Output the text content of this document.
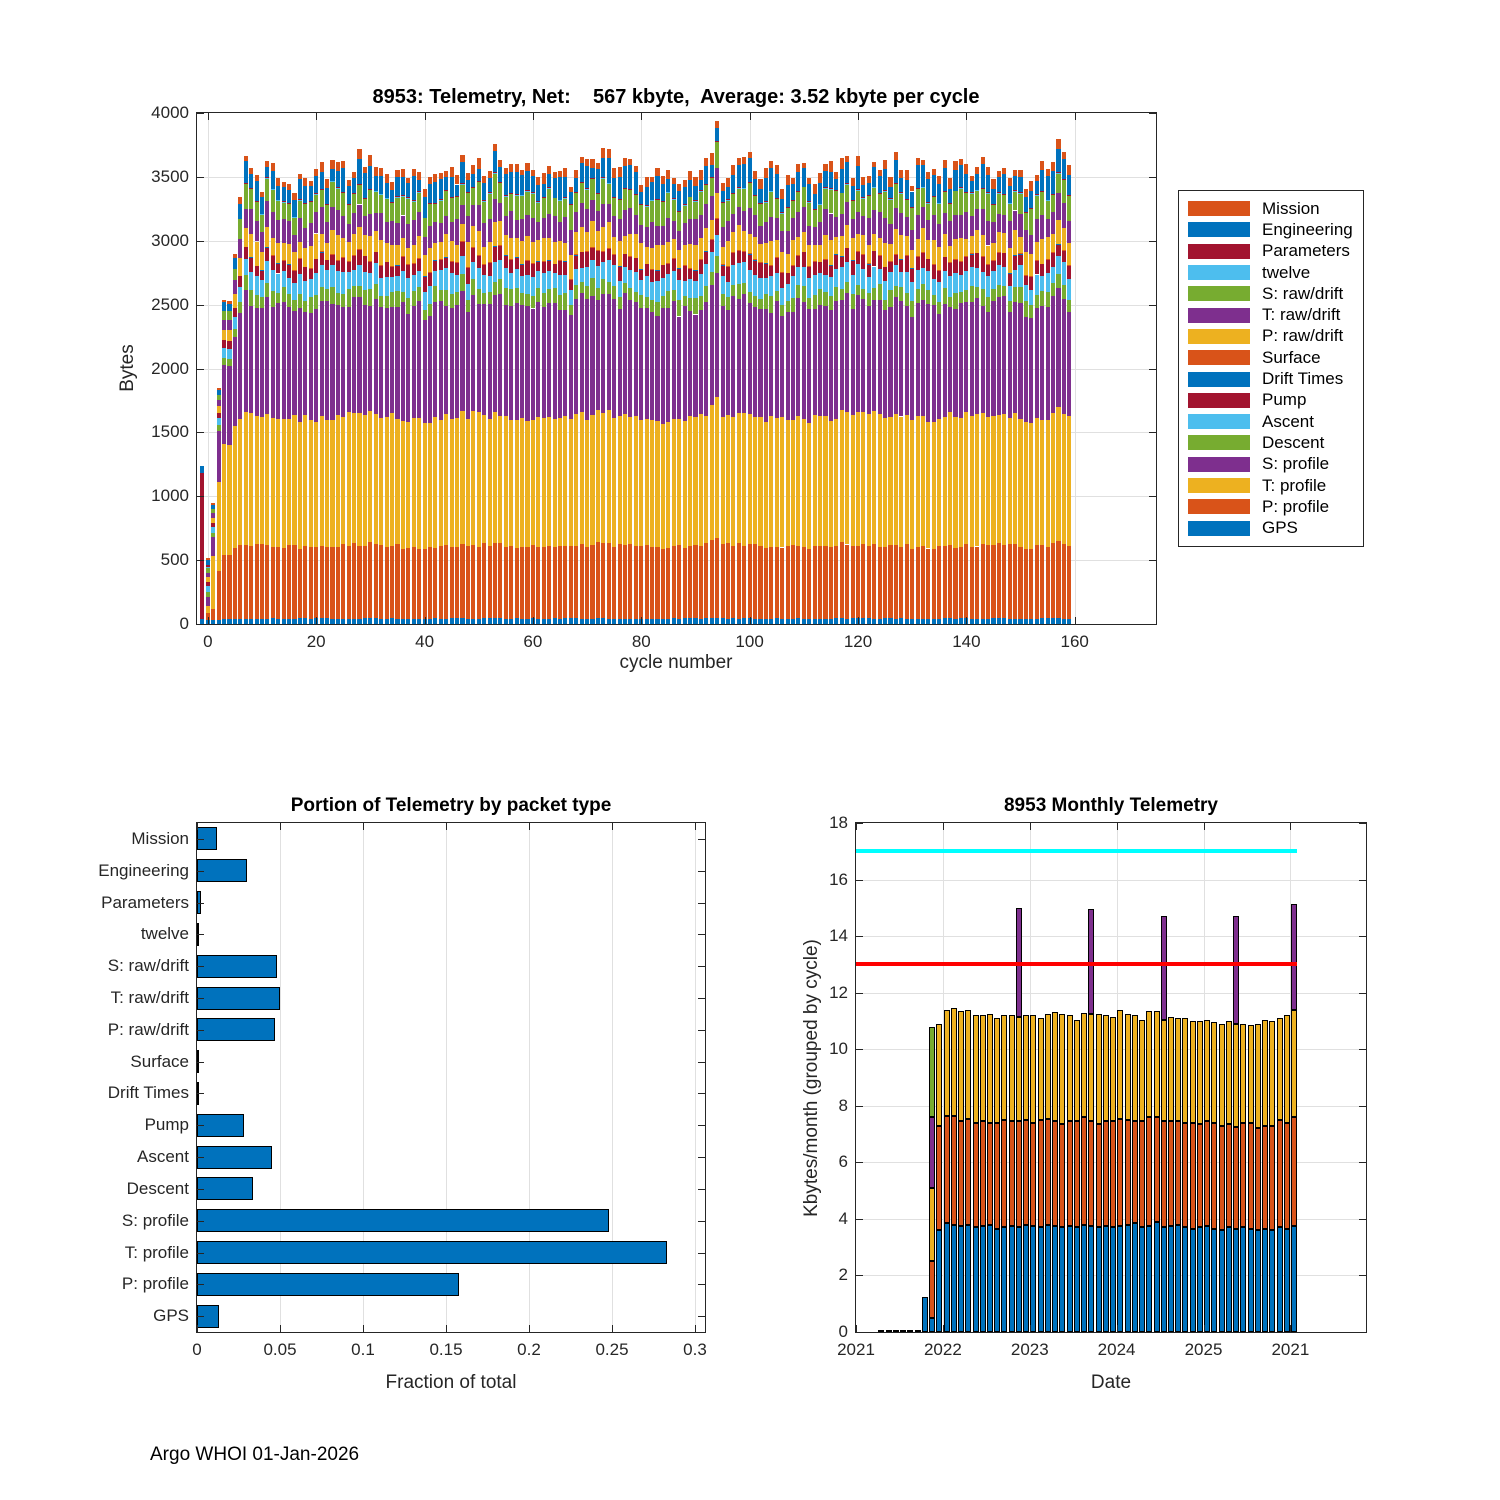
8953: Telemetry, Net:    567 kbyte,  Average: 3.52 kbyte per cycle
Bytes
0	20	40	60	80	100	120	140	160
0
500
1000
1500
2000
2500
3000
3500
4000
cycle number
Mission
Engineering
Parameters
twelve
S: raw/drift
T: raw/drift
P: raw/drift
Surface
Drift Times
Pump
Ascent
Descent
S: profile
T: profile
P: profile
GPS
Portion of Telemetry by packet type
0	0.05	0.1	0.15	0.2	0.25	0.3
Mission
Engineering
Parameters
twelve
S: raw/drift
T: raw/drift
P: raw/drift
Surface
Drift Times
Pump
Ascent
Descent
S: profile
T: profile
P: profile
GPS
Fraction of total
8953 Monthly Telemetry
Kbytes/month (grouped by cycle)
2021	2022	2023	2024	2025	2021
0
2
4
6
8
10
12
14
16
18
Date
Argo WHOI 01-Jan-2026
